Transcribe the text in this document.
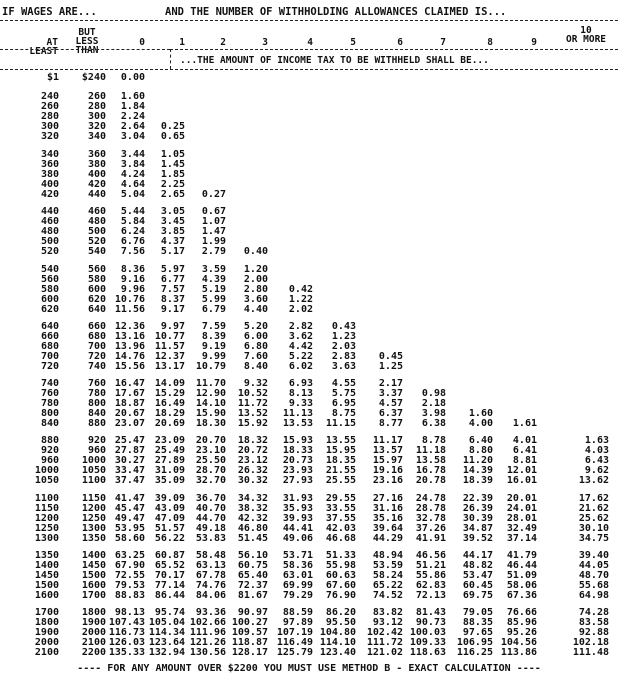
IF WAGES ARE...	AND THE NUMBER OF WITHHOLDING ALLOWANCES CLAIMED IS...
AT
LEAST
BUT
LESS
THAN
0	1	2	3	4	5	6	7	8	9
10
OR MORE
...THE AMOUNT OF INCOME TAX TO BE WITHHELD SHALL BE...
$1	$240	0.00
240	260	1.60
260	280	1.84
280	300	2.24
300	320	2.64	0.25
320	340	3.04	0.65
340	360	3.44	1.05
360	380	3.84	1.45
380	400	4.24	1.85
400	420	4.64	2.25
420	440	5.04	2.65	0.27
440	460	5.44	3.05	0.67
460	480	5.84	3.45	1.07
480	500	6.24	3.85	1.47
500	520	6.76	4.37	1.99
520	540	7.56	5.17	2.79	0.40
540	560	8.36	5.97	3.59	1.20
560	580	9.16	6.77	4.39	2.00
580	600	9.96	7.57	5.19	2.80	0.42
600	620 10.76	8.37	5.99	3.60	1.22
620	640 11.56	9.17	6.79	4.40	2.02
640	660 12.36	9.97	7.59	5.20	2.82	0.43
660	680 13.16 10.77	8.39	6.00	3.62	1.23
680	700 13.96 11.57	9.19	6.80	4.42	2.03
700	720 14.76 12.37	9.99	7.60	5.22	2.83	0.45
720	740 15.56 13.17	10.79	8.40	6.02	3.63	1.25
740	760 16.47 14.09	11.70	9.32	6.93	4.55	2.17
760	780 17.67 15.29	12.90	10.52	8.13	5.75	3.37	0.98
780	800 18.87 16.49	14.10	11.72	9.33	6.95	4.57	2.18
800	840 20.67 18.29	15.90	13.52	11.13	8.75	6.37	3.98	1.60
840	880 23.07 20.69	18.30	15.92	13.53	11.15	8.77	6.38	4.00	1.61
880	920 25.47 23.09	20.70	18.32	15.93	13.55	11.17	8.78	6.40	4.01	1.63
920	960 27.87 25.49	23.10	20.72	18.33	15.95	13.57	11.18	8.80	6.41	4.03
960	1000 30.27 27.89	25.50	23.12	20.73	18.35	15.97	13.58	11.20	8.81	6.43
1000	1050 33.47 31.09	28.70	26.32	23.93	21.55	19.16	16.78	14.39	12.01	9.62
1050	1100 37.47 35.09	32.70	30.32	27.93	25.55	23.16	20.78	18.39	16.01	13.62
1100	1150 41.47 39.09	36.70	34.32	31.93	29.55	27.16	24.78	22.39	20.01	17.62
1150	1200 45.47 43.09	40.70	38.32	35.93	33.55	31.16	28.78	26.39	24.01	21.62
1200	1250 49.47 47.09	44.70	42.32	39.93	37.55	35.16	32.78	30.39	28.01	25.62
1250	1300 53.95 51.57	49.18	46.80	44.41	42.03	39.64	37.26	34.87	32.49	30.10
1300	1350 58.60 56.22	53.83	51.45	49.06	46.68	44.29	41.91	39.52	37.14	34.75
1350	1400 63.25 60.87	58.48	56.10	53.71	51.33	48.94	46.56	44.17	41.79	39.40
1400	1450 67.90 65.52	63.13	60.75	58.36	55.98	53.59	51.21	48.82	46.44	44.05
1450	1500 72.55 70.17	67.78	65.40	63.01	60.63	58.24	55.86	53.47	51.09	48.70
1500	1600 79.53 77.14	74.76	72.37	69.99	67.60	65.22	62.83	60.45	58.06	55.68
1600	1700 88.83 86.44	84.06	81.67	79.29	76.90	74.52	72.13	69.75	67.36	64.98
1700	1800 98.13 95.74	93.36	90.97	88.59	86.20	83.82	81.43	79.05	76.66	74.28
1800	1900 107.43 105.04 102.66 100.27	97.89	95.50	93.12	90.73	88.35	85.96	83.58
1900	2000 116.73 114.34 111.96 109.57 107.19 104.80	102.42 100.03	97.65	95.26	92.88
2000	2100 126.03 123.64 121.26 118.87 116.49 114.10	111.72 109.33	106.95 104.56	102.18
2100	2200 135.33 132.94 130.56 128.17 125.79 123.40	121.02 118.63	116.25 113.86	111.48
---- FOR ANY AMOUNT OVER $2200 YOU MUST USE METHOD B - EXACT CALCULATION ----
